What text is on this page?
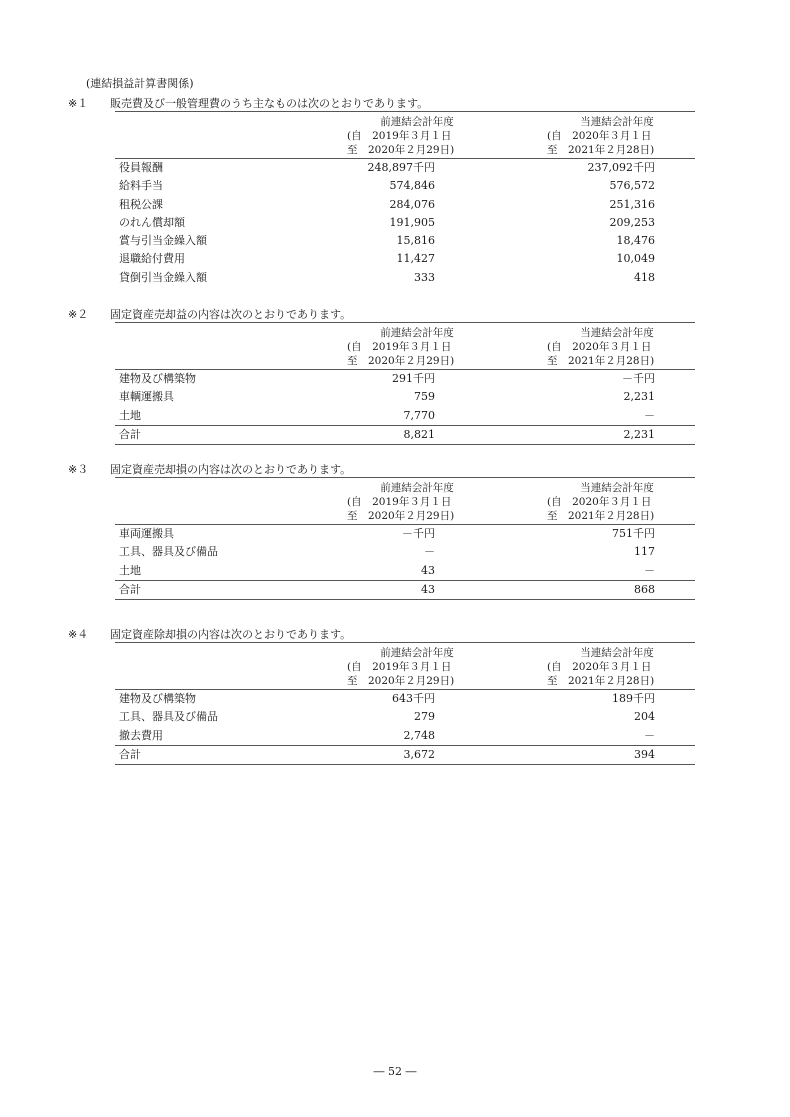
(連結損益計算書関係)
※１ 販売費及び一般管理費のうち主なものは次のとおりであります。
前連結会計年度
(自　2019年３月１日
至　2020年２月29日)
当連結会計年度
(自　2020年３月１日
至　2021年２月28日)
役員報酬	248,897千円	237,092千円
給料手当	574,846	576,572
租税公課	284,076	251,316
のれん償却額	191,905	209,253
賞与引当金繰入額	15,816	18,476
退職給付費用	11,427	10,049
貸倒引当金繰入額	333	418
※２ 固定資産売却益の内容は次のとおりであります。
前連結会計年度
(自　2019年３月１日
至　2020年２月29日)
当連結会計年度
(自　2020年３月１日
至　2021年２月28日)
建物及び構築物	291千円	－千円
車輌運搬具	759	2,231
土地	7,770	－
合計	8,821	2,231
※３ 固定資産売却損の内容は次のとおりであります。
前連結会計年度
(自　2019年３月１日
至　2020年２月29日)
当連結会計年度
(自　2020年３月１日
至　2021年２月28日)
車両運搬具	－千円	751千円
工具、器具及び備品	－	117
土地	43	－
合計	43	868
※４ 固定資産除却損の内容は次のとおりであります。
前連結会計年度
(自　2019年３月１日
至　2020年２月29日)
当連結会計年度
(自　2020年３月１日
至　2021年２月28日)
建物及び構築物	643千円	189千円
工具、器具及び備品	279	204
撤去費用	2,748	－
合計	3,672	394
― 52 ―
